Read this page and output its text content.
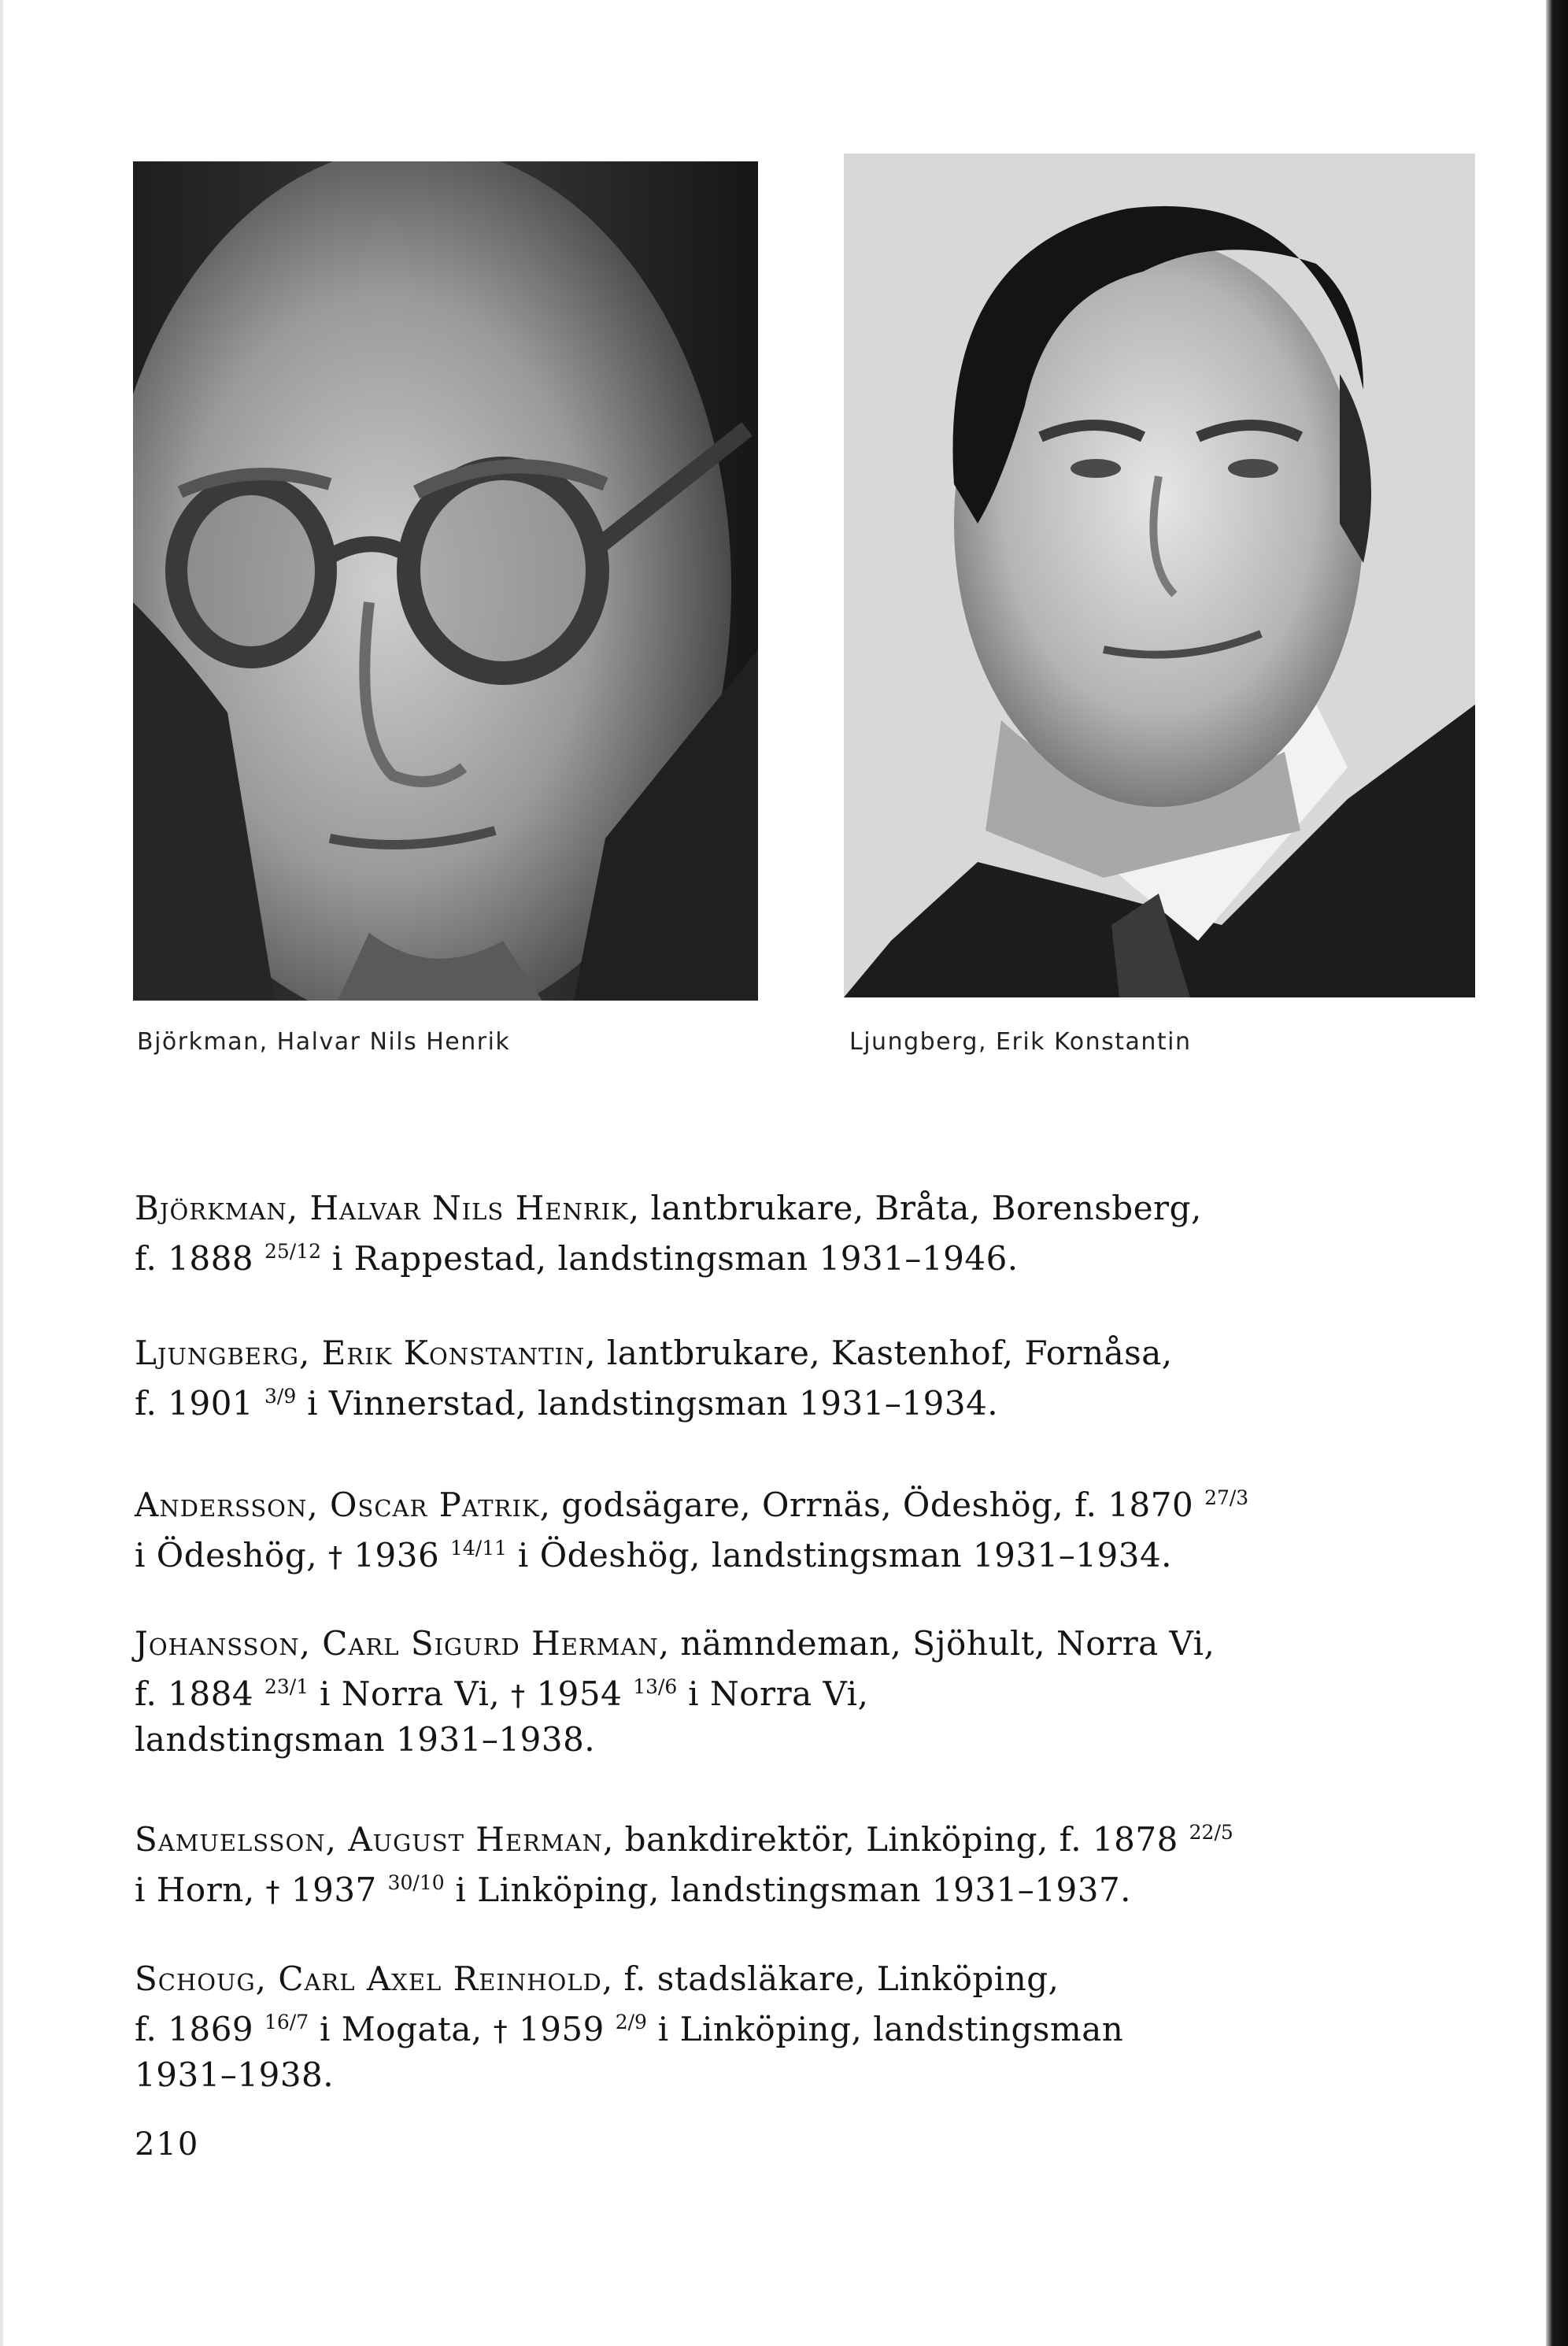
Björkman, Halvar Nils Henrik	Ljungberg, Erik Konstantin
Björkman, Halvar Nils Henrik, lantbrukare, Bråta, Borensberg,
f. 1888 $^{25/12}$ i Rappestad, landstingsman 1931–1946.
Ljungberg, Erik Konstantin, lantbrukare, Kastenhof, Fornåsa,
f. 1901 $^{3/9}$ i Vinnerstad, landstingsman 1931–1934.
Andersson, Oscar Patrik, godsägare, Orrnäs, Ödeshög, f. 1870 $^{27/3}$
i Ödeshög, † 1936 $^{14/11}$ i Ödeshög, landstingsman 1931–1934.
Johansson, Carl Sigurd Herman, nämndeman, Sjöhult, Norra Vi,
f. 1884 $^{23/1}$ i Norra Vi, † 1954 $^{13/6}$ i Norra Vi,
landstingsman 1931–1938.
Samuelsson, August Herman, bankdirektör, Linköping, f. 1878 $^{22/5}$
i Horn, † 1937 $^{30/10}$ i Linköping, landstingsman 1931–1937.
Schoug, Carl Axel Reinhold, f. stadsläkare, Linköping,
f. 1869 $^{16/7}$ i Mogata, † 1959 $^{2/9}$ i Linköping, landstingsman
1931–1938.
210
